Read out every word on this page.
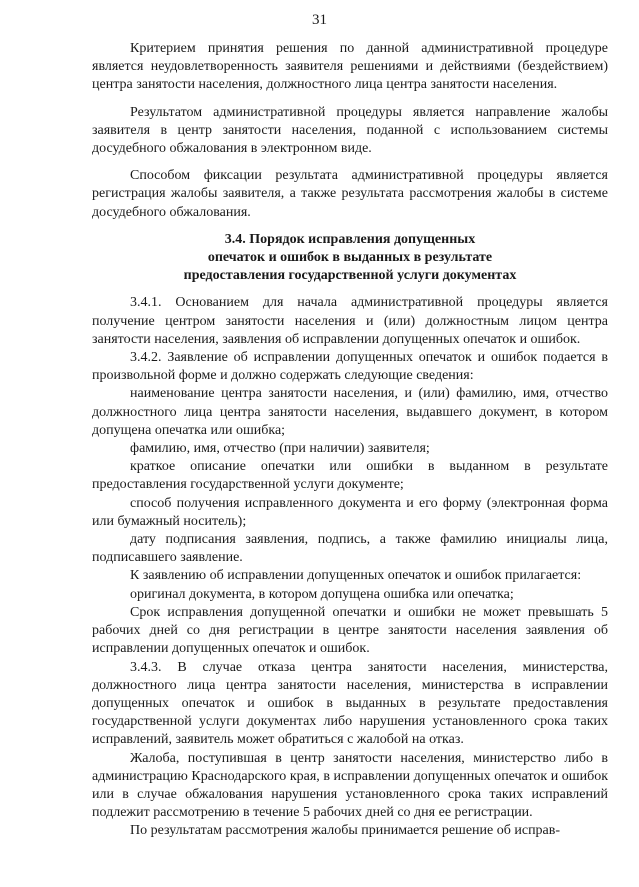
31

Критерием принятия решения по данной административной процедуре является неудовлетворенность заявителя решениями и действиями (бездействием) центра занятости населения, должностного лица центра занятости населения.

Результатом административной процедуры является направление жалобы заявителя в центр занятости населения, поданной с использованием системы досудебного обжалования в электронном виде.

Способом фиксации результата административной процедуры является регистрация жалобы заявителя, а также результата рассмотрения жалобы в системе досудебного обжалования.

3.4. Порядок исправления допущенных
опечаток и ошибок в выданных в результате
предоставления государственной услуги документах

3.4.1. Основанием для начала административной процедуры является получение центром занятости населения и (или) должностным лицом центра занятости населения, заявления об исправлении допущенных опечаток и ошибок.

3.4.2. Заявление об исправлении допущенных опечаток и ошибок подается в произвольной форме и должно содержать следующие сведения:

наименование центра занятости населения, и (или) фамилию, имя, отчество должностного лица центра занятости населения, выдавшего документ, в котором допущена опечатка или ошибка;

фамилию, имя, отчество (при наличии) заявителя;

краткое описание опечатки или ошибки в выданном в результате предоставления государственной услуги документе;

способ получения исправленного документа и его форму (электронная форма или бумажный носитель);

дату подписания заявления, подпись, а также фамилию инициалы лица, подписавшего заявление.

К заявлению об исправлении допущенных опечаток и ошибок прилагается:

оригинал документа, в котором допущена ошибка или опечатка;

Срок исправления допущенной опечатки и ошибки не может превышать 5 рабочих дней со дня регистрации в центре занятости населения заявления об исправлении допущенных опечаток и ошибок.

3.4.3. В случае отказа центра занятости населения, министерства, должностного лица центра занятости населения, министерства в исправлении допущенных опечаток и ошибок в выданных в результате предоставления государственной услуги документах либо нарушения установленного срока таких исправлений, заявитель может обратиться с жалобой на отказ.

Жалоба, поступившая в центр занятости населения, министерство либо в администрацию Краснодарского края, в исправлении допущенных опечаток и ошибок или в случае обжалования нарушения установленного срока таких исправлений подлежит рассмотрению в течение 5 рабочих дней со дня ее регистрации.

По результатам рассмотрения жалобы принимается решение об исправ-
